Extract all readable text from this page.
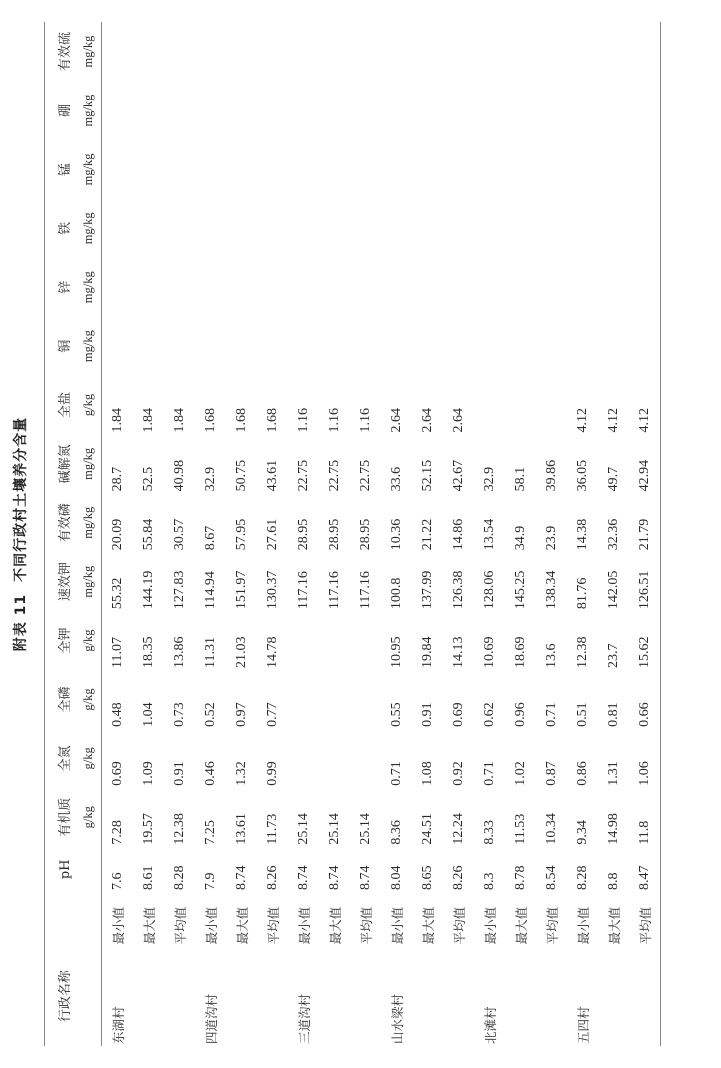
附表 11不同行政村土壤养分含量
行政名称		pH	有机质	全氮	全磷	全钾	速效钾	有效磷	碱解氮	全盐	铜	锌	铁	锰	硼	有效硫
			g/kg	g/kg	g/kg	g/kg	mg/kg	mg/kg	mg/kg	g/kg	mg/kg	mg/kg	mg/kg	mg/kg	mg/kg	mg/kg
东湖村	最小值	7.6	7.28	0.69	0.48	11.07	55.32	20.09	28.7	1.84						
	最大值	8.61	19.57	1.09	1.04	18.35	144.19	55.84	52.5	1.84						
	平均值	8.28	12.38	0.91	0.73	13.86	127.83	30.57	40.98	1.84						
四道沟村	最小值	7.9	7.25	0.46	0.52	11.31	114.94	8.67	32.9	1.68						
	最大值	8.74	13.61	1.32	0.97	21.03	151.97	57.95	50.75	1.68						
	平均值	8.26	11.73	0.99	0.77	14.78	130.37	27.61	43.61	1.68						
三道沟村	最小值	8.74	25.14				117.16	28.95	22.75	1.16						
	最大值	8.74	25.14				117.16	28.95	22.75	1.16						
	平均值	8.74	25.14				117.16	28.95	22.75	1.16						
山水梁村	最小值	8.04	8.36	0.71	0.55	10.95	100.8	10.36	33.6	2.64						
	最大值	8.65	24.51	1.08	0.91	19.84	137.99	21.22	52.15	2.64						
	平均值	8.26	12.24	0.92	0.69	14.13	126.38	14.86	42.67	2.64						
北滩村	最小值	8.3	8.33	0.71	0.62	10.69	128.06	13.54	32.9							
	最大值	8.78	11.53	1.02	0.96	18.69	145.25	34.9	58.1							
	平均值	8.54	10.34	0.87	0.71	13.6	138.34	23.9	39.86							
五四村	最小值	8.28	9.34	0.86	0.51	12.38	81.76	14.38	36.05	4.12						
	最大值	8.8	14.98	1.31	0.81	23.7	142.05	32.36	49.7	4.12						
	平均值	8.47	11.8	1.06	0.66	15.62	126.51	21.79	42.94	4.12						
